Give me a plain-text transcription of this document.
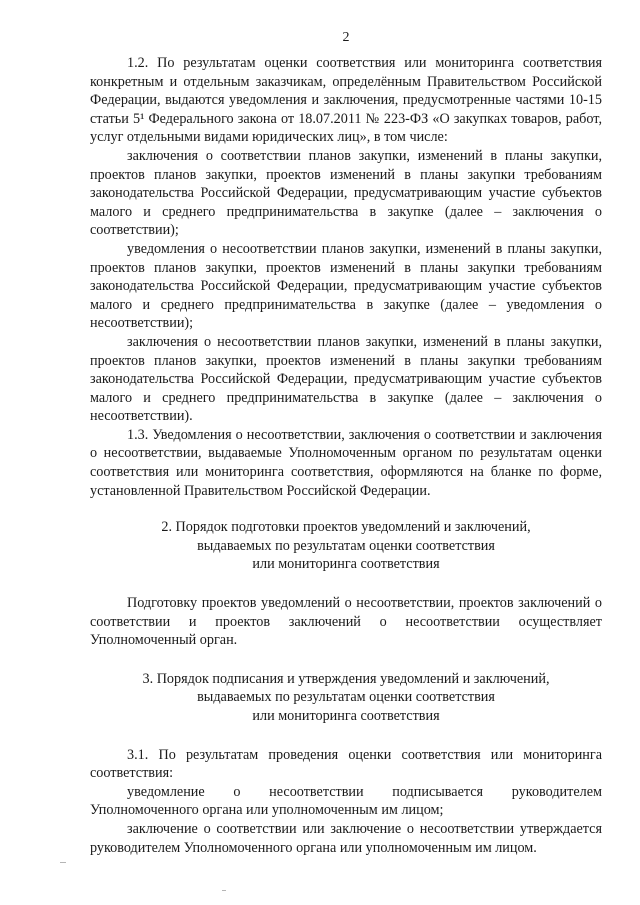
2

1.2. По результатам оценки соответствия или мониторинга соответствия конкретным и отдельным заказчикам, определённым Правительством Российской Федерации, выдаются уведомления и заключения, предусмотренные частями 10-15 статьи 5¹ Федерального закона от 18.07.2011 № 223-ФЗ «О закупках товаров, работ, услуг отдельными видами юридических лиц», в том числе:

заключения о соответствии планов закупки, изменений в планы закупки, проектов планов закупки, проектов изменений в планы закупки требованиям законодательства Российской Федерации, предусматривающим участие субъектов малого и среднего предпринимательства в закупке (далее – заключения о соответствии);

уведомления о несоответствии планов закупки, изменений в планы закупки, проектов планов закупки, проектов изменений в планы закупки требованиям законодательства Российской Федерации, предусматривающим участие субъектов малого и среднего предпринимательства в закупке (далее – уведомления о несоответствии);

заключения о несоответствии планов закупки, изменений в планы закупки, проектов планов закупки, проектов изменений в планы закупки требованиям законодательства Российской Федерации, предусматривающим участие субъектов малого и среднего предпринимательства в закупке (далее – заключения о несоответствии).

1.3. Уведомления о несоответствии, заключения о соответствии и заключения о несоответствии, выдаваемые Уполномоченным органом по результатам оценки соответствия или мониторинга соответствия, оформляются на бланке по форме, установленной Правительством Российской Федерации.

2. Порядок подготовки проектов уведомлений и заключений,
выдаваемых по результатам оценки соответствия
или мониторинга соответствия

Подготовку проектов уведомлений о несоответствии, проектов заключений о соответствии и проектов заключений о несоответствии осуществляет Уполномоченный орган.

3. Порядок подписания и утверждения уведомлений и заключений,
выдаваемых по результатам оценки соответствия
или мониторинга соответствия

3.1. По результатам проведения оценки соответствия или мониторинга соответствия:

уведомление о несоответствии подписывается руководителем Уполномоченного органа или уполномоченным им лицом;

заключение о соответствии или заключение о несоответствии утверждается руководителем Уполномоченного органа или уполномоченным им лицом.
